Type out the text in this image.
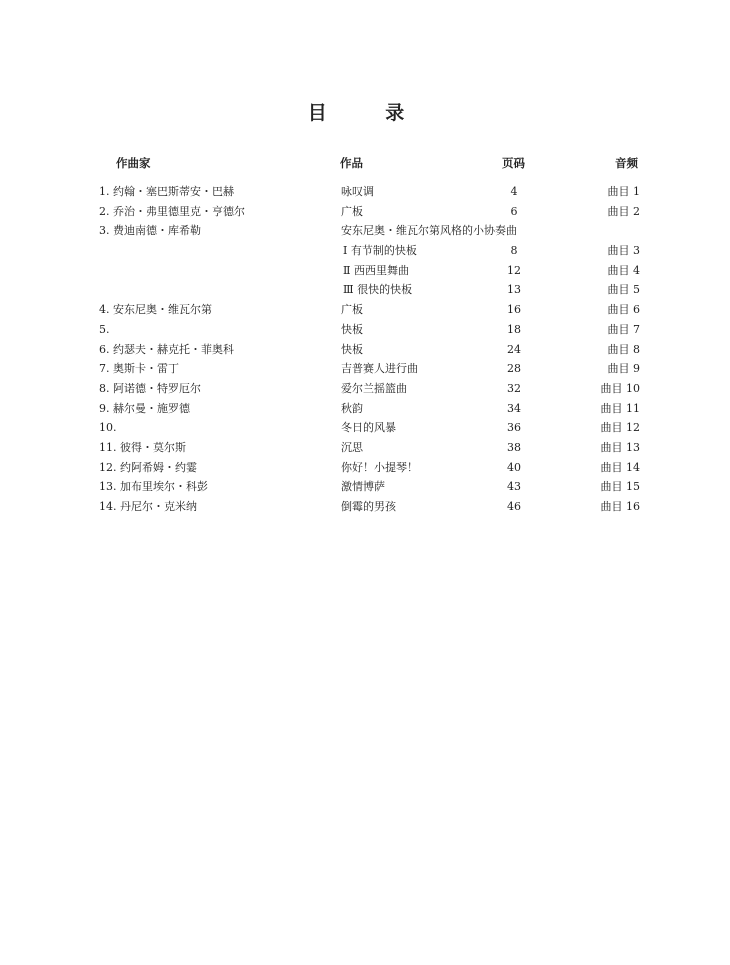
目 录
作曲家	作品	页码	音频
1. 约翰・塞巴斯蒂安・巴赫	咏叹调	4	曲目 1
2. 乔治・弗里德里克・亨德尔	广板	6	曲目 2
3. 费迪南德・库希勒	安东尼奥・维瓦尔第风格的小协奏曲
Ⅰ 有节制的快板	8	曲目 3
Ⅱ 西西里舞曲	12	曲目 4
Ⅲ 很快的快板	13	曲目 5
4. 安东尼奥・维瓦尔第	广板	16	曲目 6
5.	快板	18	曲目 7
6. 约瑟夫・赫克托・菲奥科	快板	24	曲目 8
7. 奥斯卡・雷丁	吉普赛人进行曲	28	曲目 9
8. 阿诺德・特罗厄尔	爱尔兰摇篮曲	32	曲目 10
9. 赫尔曼・施罗德	秋韵	34	曲目 11
10.	冬日的风暴	36	曲目 12
11. 彼得・莫尔斯	沉思	38	曲目 13
12. 约阿希姆・约霎	你好！小提琴！	40	曲目 14
13. 加布里埃尔・科彭	激情博萨	43	曲目 15
14. 丹尼尔・克米纳	倒霉的男孩	46	曲目 16
